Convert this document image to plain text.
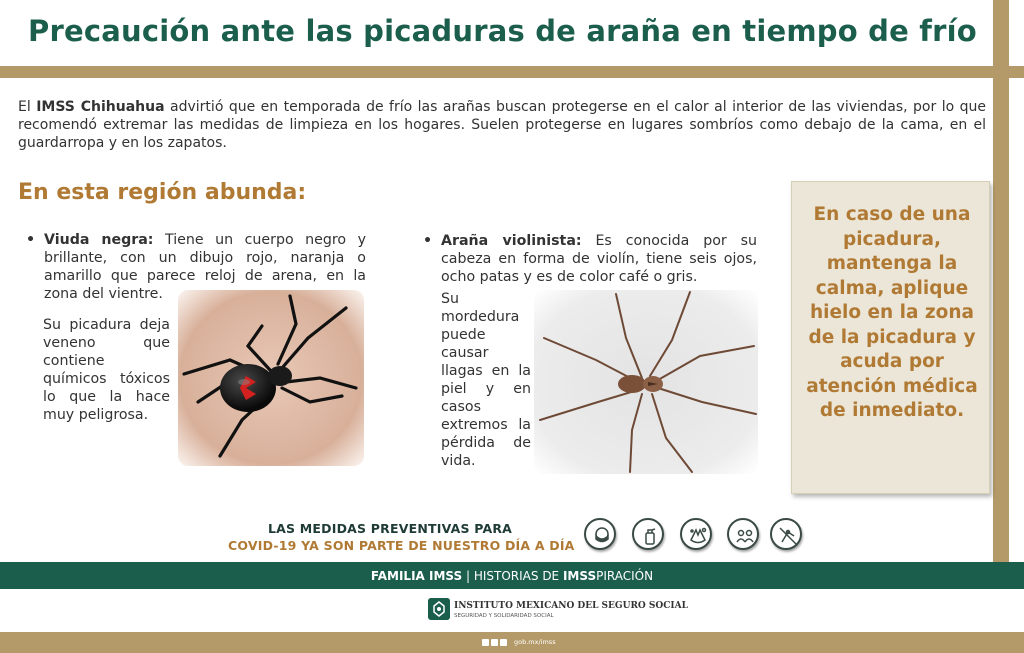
Precaución ante las picaduras de araña en tiempo de frío

El IMSS Chihuahua advirtió que en temporada de frío las arañas buscan protegerse en el calor al interior de las viviendas, por lo que recomendó extremar las medidas de limpieza en los hogares. Suelen protegerse en lugares sombríos como debajo de la cama, en el guardarropa y en los zapatos.

En esta región abunda:
• Viuda negra: Tiene un cuerpo negro y brillante, con un dibujo rojo, naranja o amarillo que parece reloj de arena, en la zona del vientre.
Su picadura deja veneno que contiene químicos tóxicos lo que la hace muy peligrosa.
• Araña violinista: Es conocida por su cabeza en forma de violín, tiene seis ojos, ocho patas y es de color café o gris.
Su mordedura puede causar llagas en la piel y en casos extremos la pérdida de vida.
En caso de una picadura, mantenga la calma, aplique hielo en la zona de la picadura y acuda por atención médica de inmediato.
LAS MEDIDAS PREVENTIVAS PARA
COVID-19 YA SON PARTE DE NUESTRO DÍA A DÍA
FAMILIA IMSS | HISTORIAS DE IMSSPIRACIÓN
INSTITUTO MEXICANO DEL SEGURO SOCIAL
SEGURIDAD Y SOLIDARIDAD SOCIAL
gob.mx/imss
